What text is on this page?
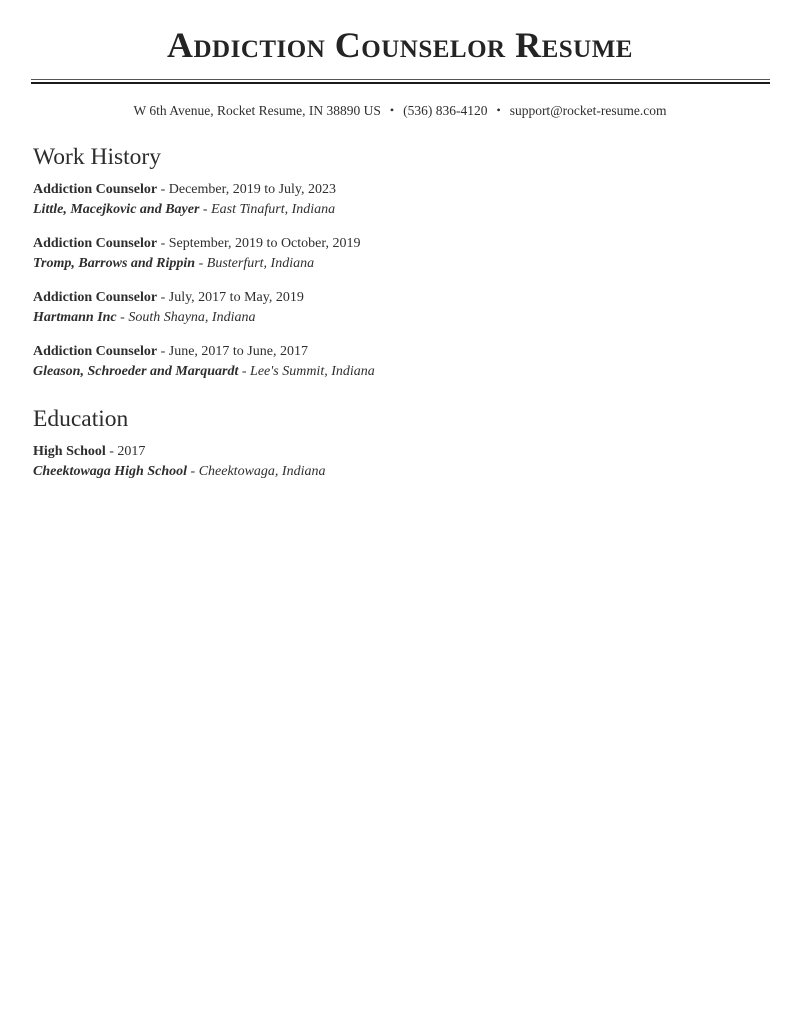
Addiction Counselor Resume
W 6th Avenue, Rocket Resume, IN 38890 US • (536) 836-4120 • support@rocket-resume.com
Work History
Addiction Counselor - December, 2019 to July, 2023
Little, Macejkovic and Bayer - East Tinafurt, Indiana
Addiction Counselor - September, 2019 to October, 2019
Tromp, Barrows and Rippin - Busterfurt, Indiana
Addiction Counselor - July, 2017 to May, 2019
Hartmann Inc - South Shayna, Indiana
Addiction Counselor - June, 2017 to June, 2017
Gleason, Schroeder and Marquardt - Lee's Summit, Indiana
Education
High School - 2017
Cheektowaga High School - Cheektowaga, Indiana
